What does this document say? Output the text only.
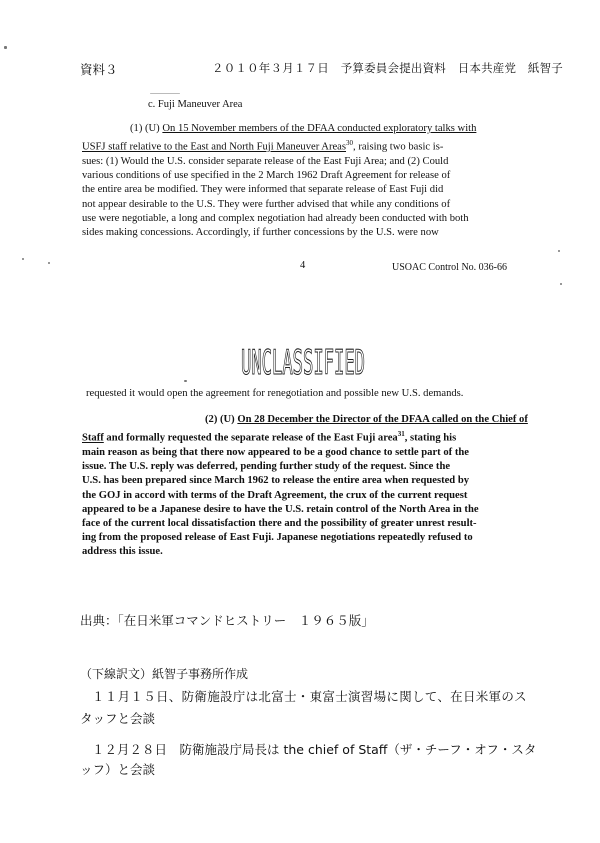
資料３	２０１０年３月１７日　予算委員会提出資料　日本共産党　紙智子
c. Fuji Maneuver Area

(1) (U) On 15 November members of the DFAA conducted exploratory talks with

USFJ staff relative to the East and North Fuji Maneuver Areas$^{30}$, raising two basic is-

sues: (1) Would the U.S. consider separate release of the East Fuji Area; and (2) Could

various conditions of use specified in the 2 March 1962 Draft Agreement for release of

the entire area be modified. They were informed that separate release of East Fuji did

not appear desirable to the U.S. They were further advised that while any conditions of

use were negotiable, a long and complex negotiation had already been conducted with both

sides making concessions. Accordingly, if further concessions by the U.S. were now

4	USOAC Control No. 036-66
UNCLASSIFIED
requested it would open the agreement for renegotiation and possible new U.S. demands.

(2) (U) On 28 December the Director of the DFAA called on the Chief of

Staff and formally requested the separate release of the East Fuji area$^{31}$, stating his

main reason as being that there now appeared to be a good chance to settle part of the

issue. The U.S. reply was deferred, pending further study of the request. Since the

U.S. has been prepared since March 1962 to release the entire area when requested by

the GOJ in accord with terms of the Draft Agreement, the crux of the current request

appeared to be a Japanese desire to have the U.S. retain control of the North Area in the

face of the current local dissatisfaction there and the possibility of greater unrest result-

ing from the proposed release of East Fuji. Japanese negotiations repeatedly refused to

address this issue.

出典：「在日米軍コマンドヒストリー　１９６５版」
（下線訳文）紙智子事務所作成
１１月１５日、防衛施設庁は北富士・東富士演習場に関して、在日米軍のス
タッフと会談
１２月２８日　防衛施設庁局長は the chief of Staff（ザ・チーフ・オフ・スタ
ッフ）と会談
